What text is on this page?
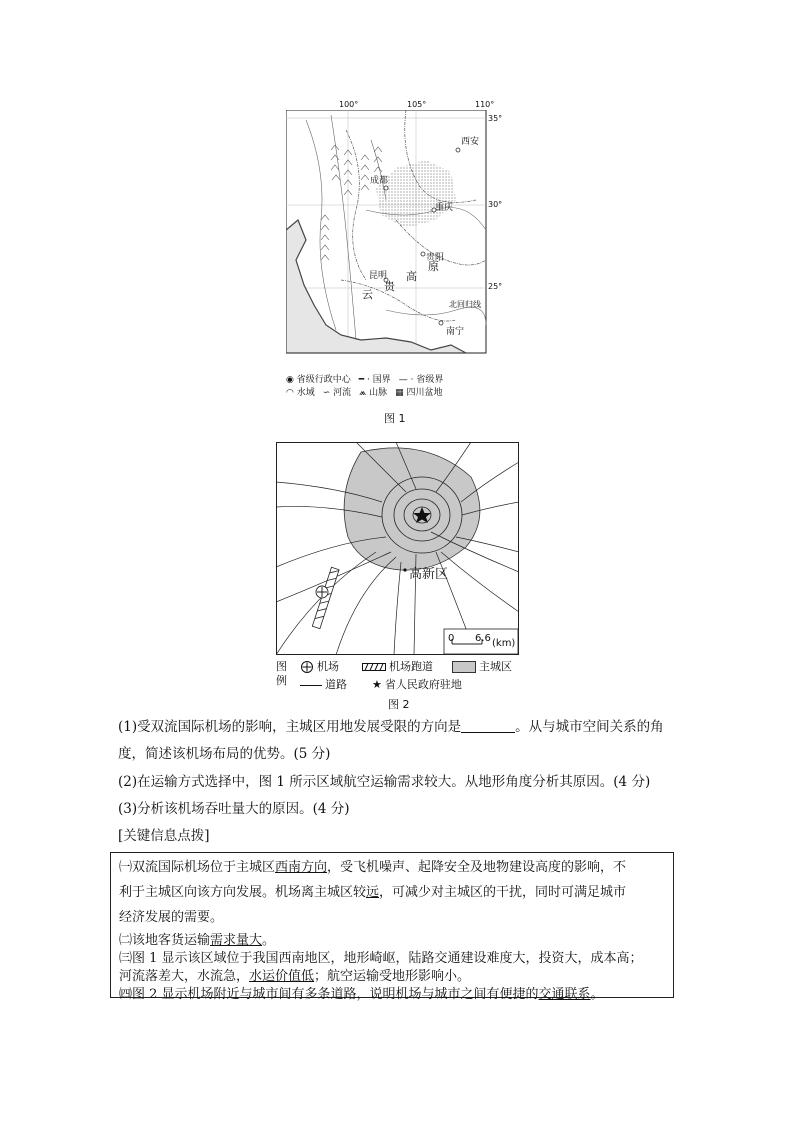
西安
成都
重庆
贵阳
昆明
南宁
云
贵
高
原
北回归线
100°	105°	110°
35°
30°
25°
◉ 省级行政中心 ━ · 国界 — · 省级界
◠ 水域 ∽ 河流 ⩕ 山脉 ▦ 四川盆地
图 1
高新区
0 6.6 (km)
图例
机场	机场跑道	主城区
道路 ★ 省人民政府驻地
图 2
(1)受双流国际机场的影响，主城区用地发展受限的方向是	。从与城市空间关系的角
度，简述该机场布局的优势。(5 分)
(2)在运输方式选择中，图 1 所示区域航空运输需求较大。从地形角度分析其原因。(4 分)
(3)分析该机场吞吐量大的原因。(4 分)
[关键信息点拨]

㈠双流国际机场位于主城区西南方向，受飞机噪声、起降安全及地物建设高度的影响，不
利于主城区向该方向发展。机场离主城区较远，可减少对主城区的干扰，同时可满足城市
经济发展的需要。

㈡该地客货运输需求量大。

㈢图 1 显示该区域位于我国西南地区，地形崎岖，陆路交通建设难度大，投资大，成本高；
河流落差大，水流急，水运价值低；航空运输受地形影响小。

㈣图 2 显示机场附近与城市间有多条道路，说明机场与城市之间有便捷的交通联系。
